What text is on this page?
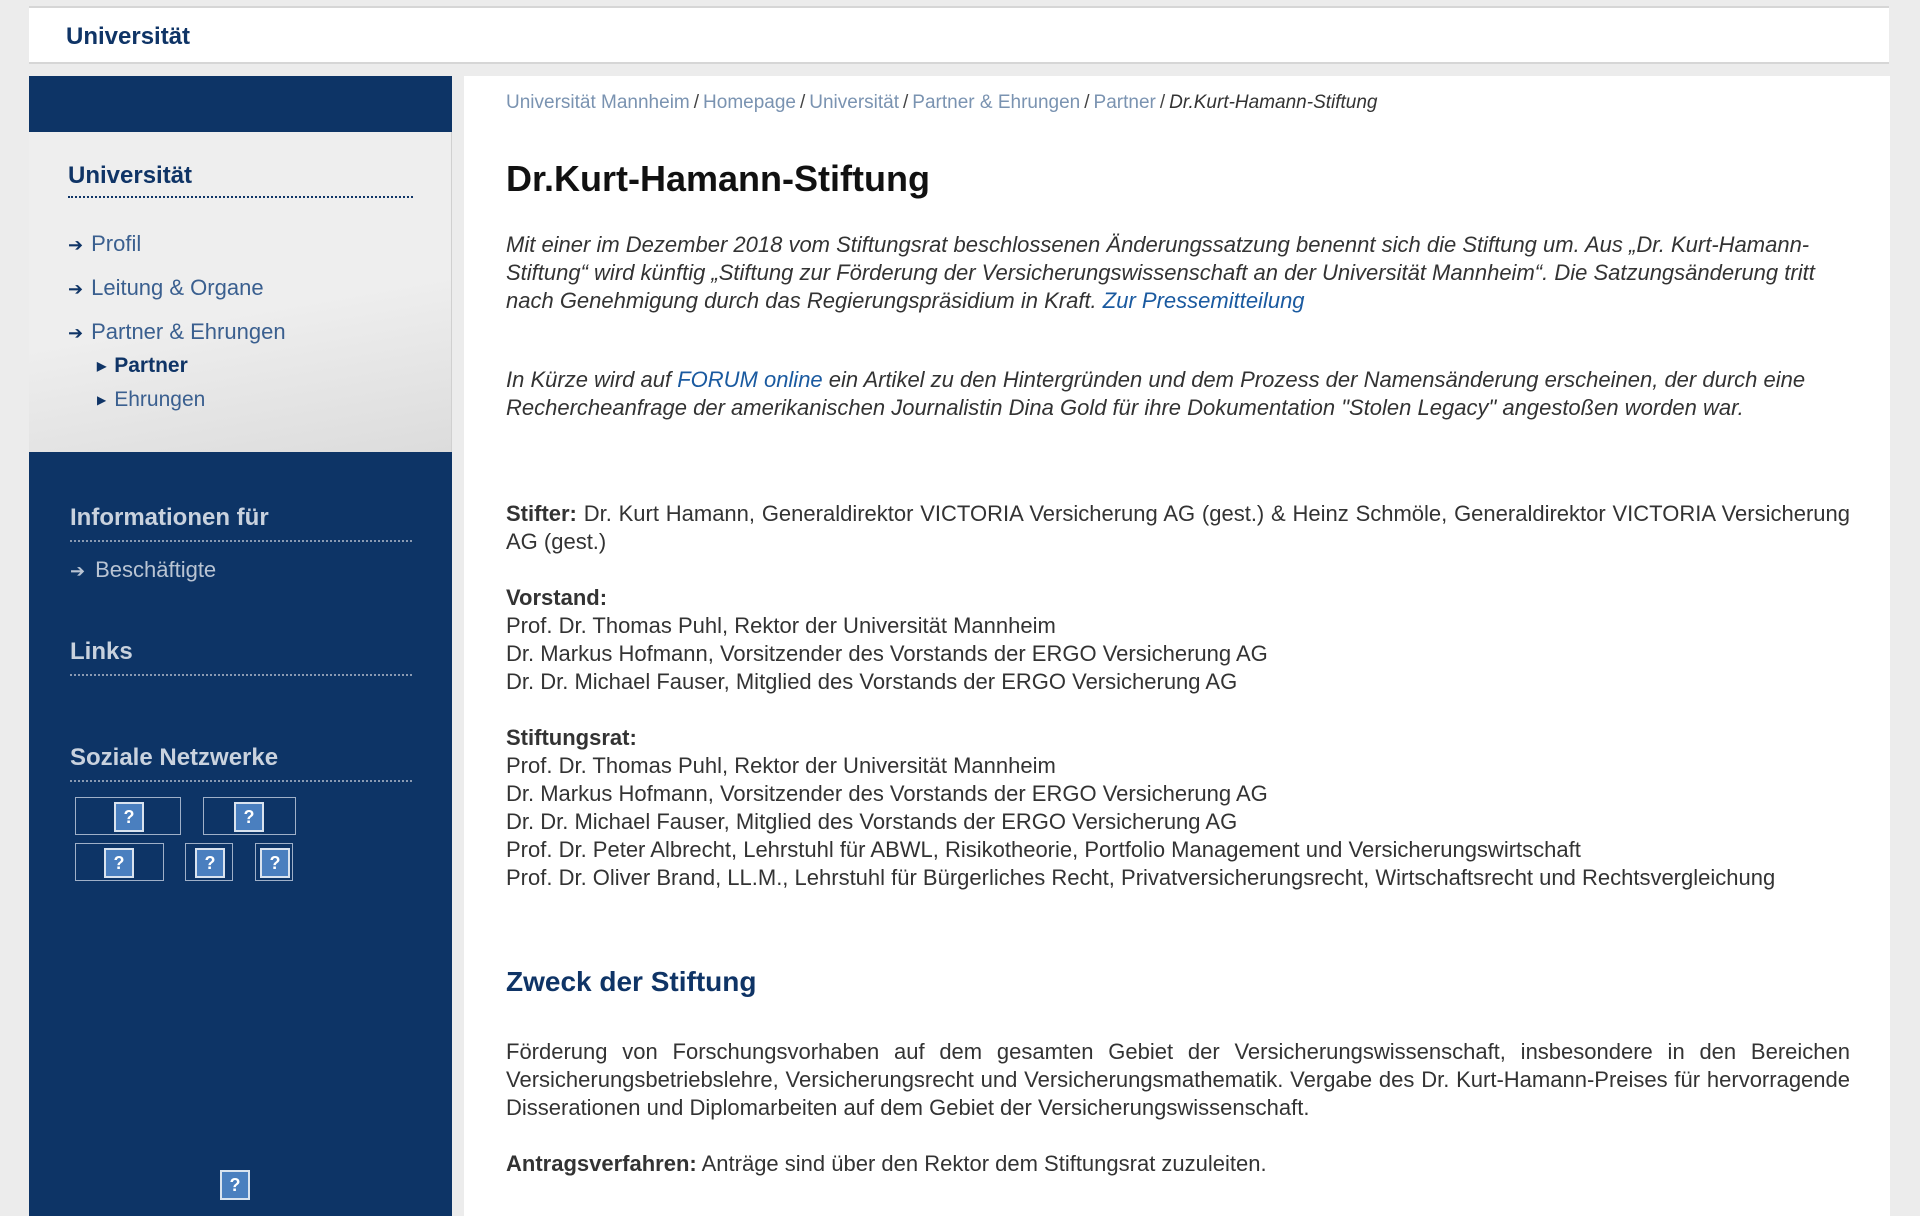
Universität
Universität
➔ Profil
➔ Leitung & Organe
➔ Partner & Ehrungen
▶ Partner
▶ Ehrungen
Informationen für
➔ Beschäftigte
Links
Soziale Netzwerke
?	?
?	?	?
?
Universität Mannheim / Homepage / Universität / Partner & Ehrungen / Partner / Dr.Kurt-Hamann-Stiftung
Dr.Kurt-Hamann-Stiftung
Mit einer im Dezember 2018 vom Stiftungsrat beschlossenen Änderungssatzung benennt sich die Stiftung um. Aus „Dr. Kurt-Hamann-Stiftung“ wird künftig „Stiftung zur Förderung der Versicherungswissenschaft an der Universität Mannheim“. Die Satzungsänderung tritt nach Genehmigung durch das Regierungspräsidium in Kraft. Zur Pressemitteilung
In Kürze wird auf FORUM online ein Artikel zu den Hintergründen und dem Prozess der Namensänderung erscheinen, der durch eine Rechercheanfrage der amerikanischen Journalistin Dina Gold für ihre Dokumentation "Stolen Legacy" angestoßen worden war.
Stifter: Dr. Kurt Hamann, Generaldirektor VICTORIA Versicherung AG (gest.) & Heinz Schmöle, Generaldirektor VICTORIA Versicherung AG (gest.)
Vorstand:
Prof. Dr. Thomas Puhl, Rektor der Universität Mannheim
Dr. Markus Hofmann, Vorsitzender des Vorstands der ERGO Versicherung AG
Dr. Dr. Michael Fauser, Mitglied des Vorstands der ERGO Versicherung AG
Stiftungsrat:
Prof. Dr. Thomas Puhl, Rektor der Universität Mannheim
Dr. Markus Hofmann, Vorsitzender des Vorstands der ERGO Versicherung AG
Dr. Dr. Michael Fauser, Mitglied des Vorstands der ERGO Versicherung AG
Prof. Dr. Peter Albrecht, Lehrstuhl für ABWL, Risikotheorie, Portfolio Management und Versicherungswirtschaft
Prof. Dr. Oliver Brand, LL.M., Lehrstuhl für Bürgerliches Recht, Privatversicherungsrecht, Wirtschaftsrecht und Rechtsvergleichung
Zweck der Stiftung
Förderung von Forschungsvorhaben auf dem gesamten Gebiet der Versicherungswissenschaft, insbesondere in den Bereichen Versicherungsbetriebslehre, Versicherungsrecht und Versicherungsmathematik. Vergabe des Dr. Kurt-Hamann-Preises für hervorragende Disserationen und Diplomarbeiten auf dem Gebiet der Versicherungswissenschaft.
Antragsverfahren: Anträge sind über den Rektor dem Stiftungsrat zuzuleiten.
